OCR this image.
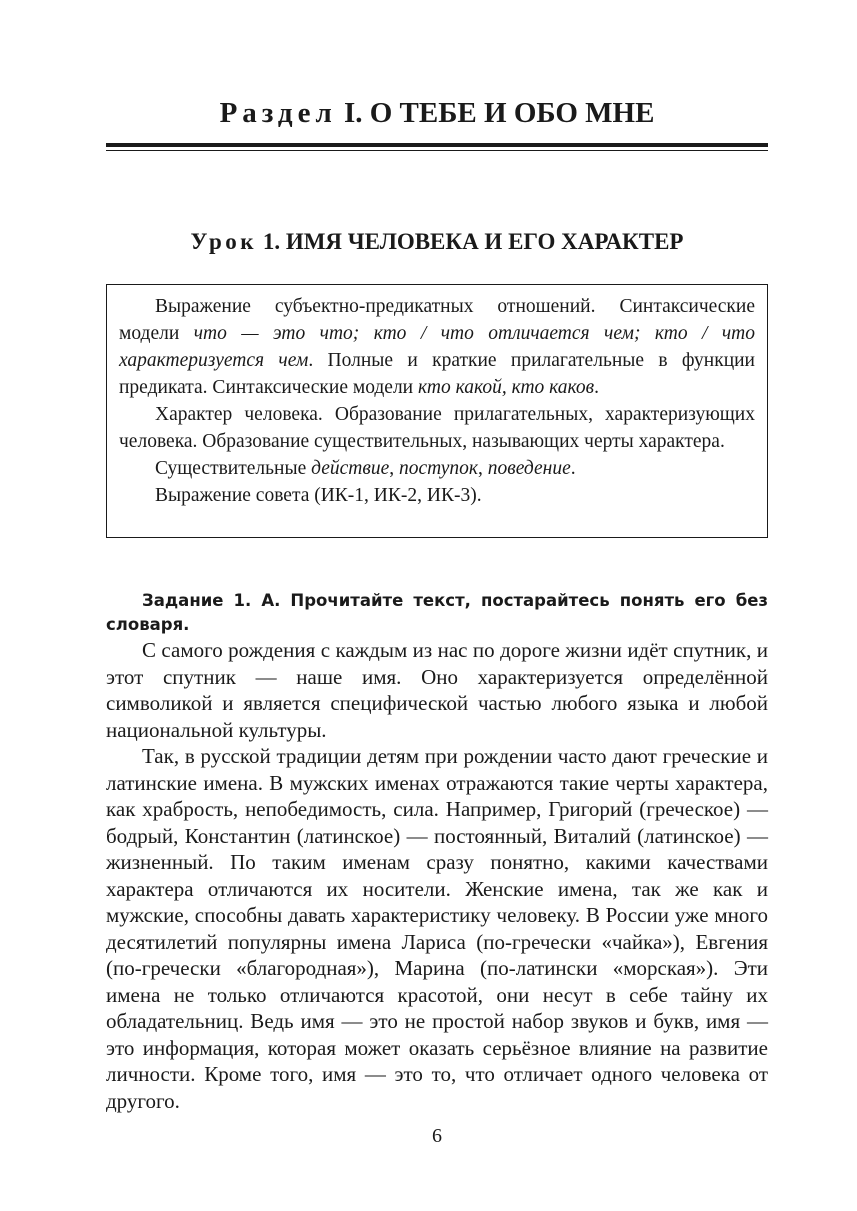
Раздел I. О ТЕБЕ И ОБО МНЕ
Урок 1. ИМЯ ЧЕЛОВЕКА И ЕГО ХАРАКТЕР

Выражение субъектно-предикатных отношений. Синтаксические модели что — это что; кто / что отличается чем; кто / что характеризуется чем. Полные и краткие прилагательные в функции предиката. Синтаксические модели кто какой, кто каков.

Характер человека. Образование прилагательных, характеризующих человека. Образование существительных, называющих черты характера.

Существительные действие, поступок, поведение.

Выражение совета (ИК-1, ИК-2, ИК-3).

Задание 1. А. Прочитайте текст, постарайтесь понять его без словаря.

С самого рождения с каждым из нас по дороге жизни идёт спутник, и этот спутник — наше имя. Оно характеризуется определённой символикой и является специфической частью любого языка и любой национальной культуры.

Так, в русской традиции детям при рождении часто дают греческие и латинские имена. В мужских именах отражаются такие черты характера, как храбрость, непобедимость, сила. Например, Григорий (греческое) — бодрый, Константин (латинское) — постоянный, Виталий (латинское) — жизненный. По таким именам сразу понятно, какими качествами характера отличаются их носители. Женские имена, так же как и мужские, способны давать характеристику человеку. В России уже много десятилетий популярны имена Лариса (по-гречески «чайка»), Евгения (по-гречески «благородная»), Марина (по-латински «морская»). Эти имена не только отличаются красотой, они несут в себе тайну их обладательниц. Ведь имя — это не простой набор звуков и букв, имя — это информация, которая может оказать серьёзное влияние на развитие личности. Кроме того, имя — это то, что отличает одного человека от другого.

6
